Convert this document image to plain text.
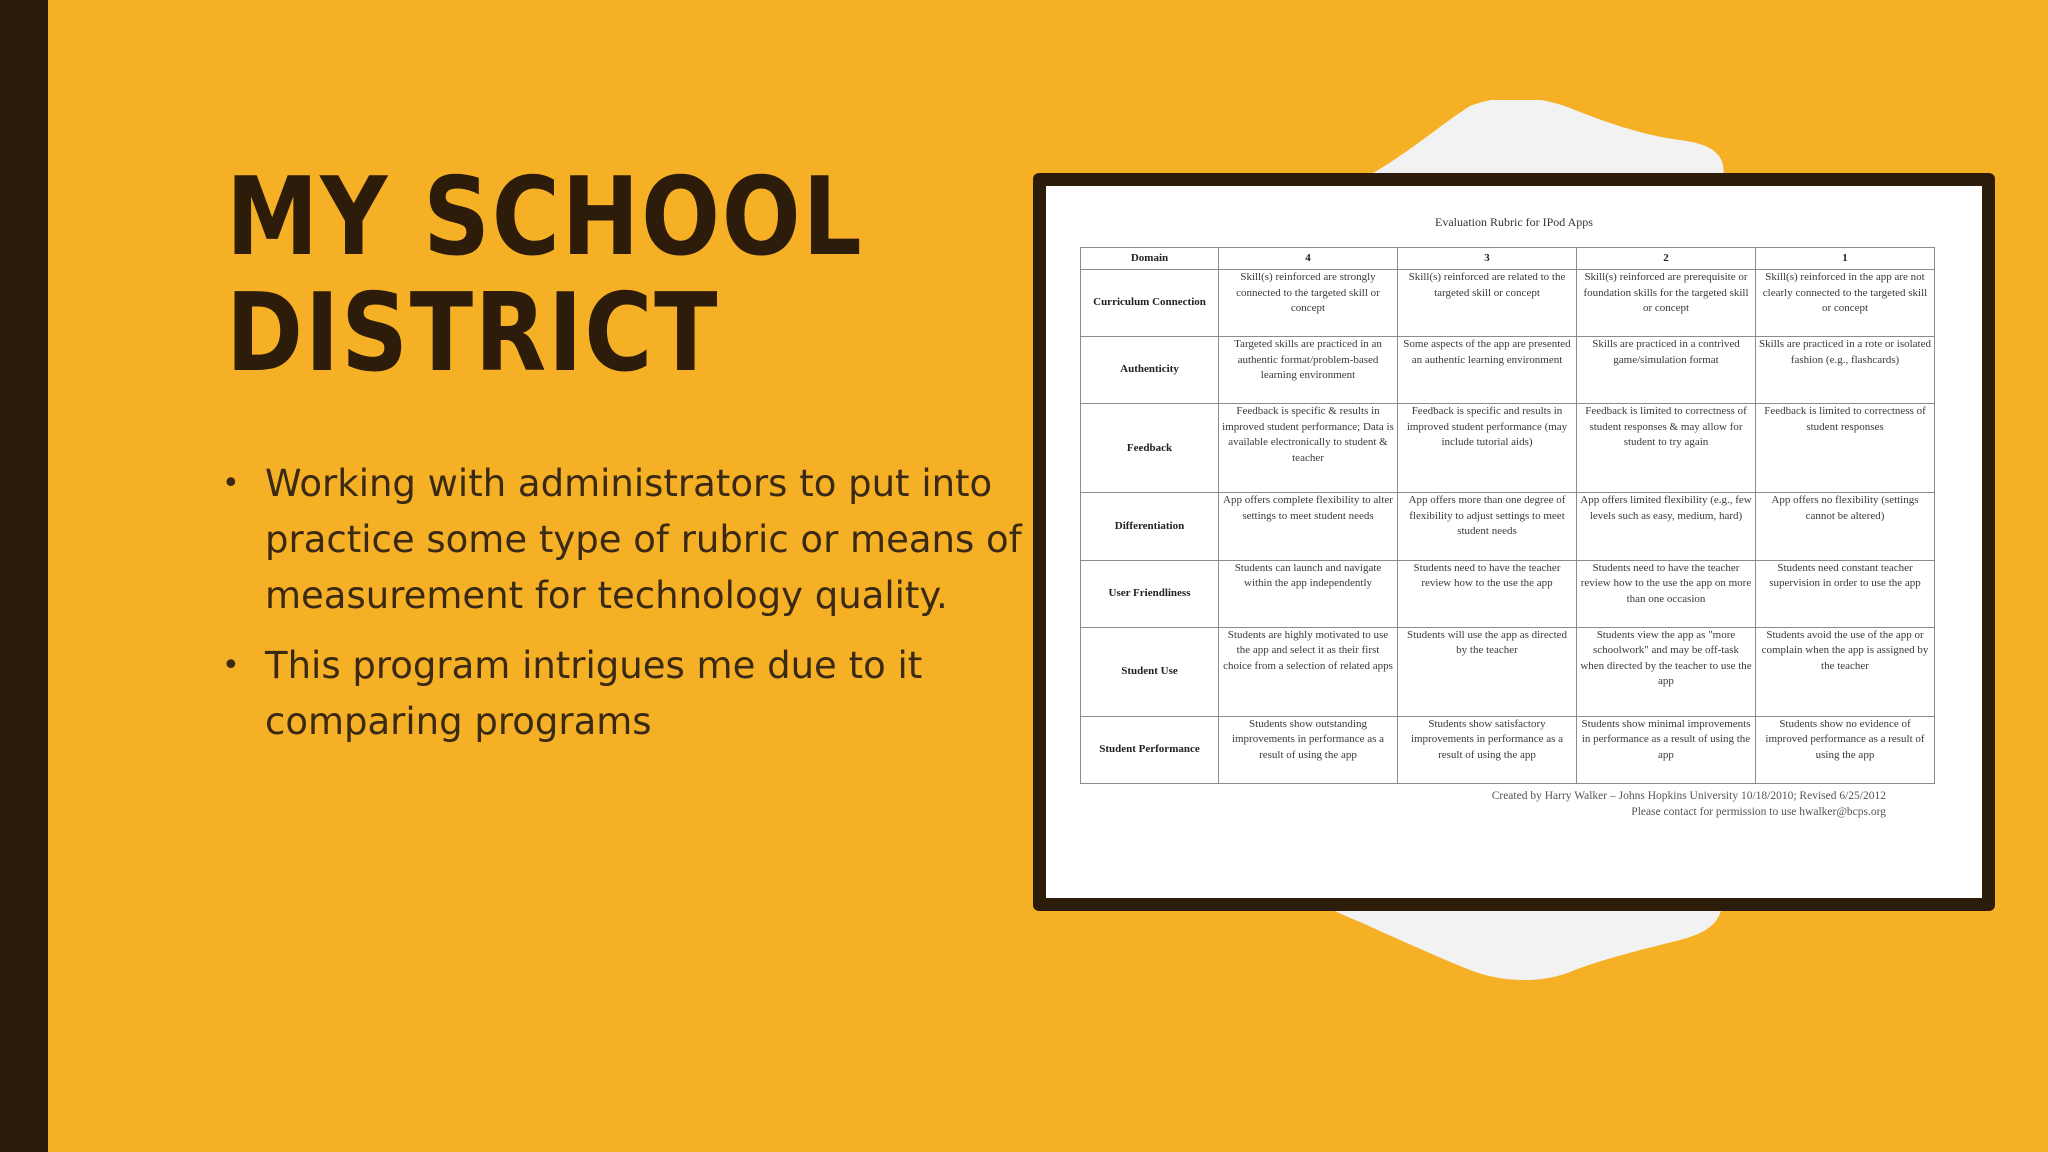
MY SCHOOL
DISTRICT
• Working with administrators to put into practice some type of rubric or means of measurement for technology quality.
• This program intrigues me due to it comparing programs
Evaluation Rubric for IPod Apps
Domain	4	3	2	1
Curriculum Connection	Skill(s) reinforced are strongly connected to the targeted skill or concept	Skill(s) reinforced are related to the targeted skill or concept	Skill(s) reinforced are prerequisite or foundation skills for the targeted skill or concept	Skill(s) reinforced in the app are not clearly connected to the targeted skill or concept
Authenticity	Targeted skills are practiced in an authentic format/problem-based learning environment	Some aspects of the app are presented an authentic learning environment	Skills are practiced in a contrived game/simulation format	Skills are practiced in a rote or isolated fashion (e.g., flashcards)
Feedback	Feedback is specific & results in improved student performance; Data is available electronically to student & teacher	Feedback is specific and results in improved student performance (may include tutorial aids)	Feedback is limited to correctness of student responses & may allow for student to try again	Feedback is limited to correctness of student responses
Differentiation	App offers complete flexibility to alter settings to meet student needs	App offers more than one degree of flexibility to adjust settings to meet student needs	App offers limited flexibility (e.g., few levels such as easy, medium, hard)	App offers no flexibility (settings cannot be altered)
User Friendliness	Students can launch and navigate within the app independently	Students need to have the teacher review how to the use the app	Students need to have the teacher review how to the use the app on more than one occasion	Students need constant teacher supervision in order to use the app
Student Use	Students are highly motivated to use the app and select it as their first choice from a selection of related apps	Students will use the app as directed by the teacher	Students view the app as "more schoolwork" and may be off-task when directed by the teacher to use the app	Students avoid the use of the app or complain when the app is assigned by the teacher
Student Performance	Students show outstanding improvements in performance as a result of using the app	Students show satisfactory improvements in performance as a result of using the app	Students show minimal improvements in performance as a result of using the app	Students show no evidence of improved performance as a result of using the app
Created by Harry Walker – Johns Hopkins University 10/18/2010; Revised 6/25/2012
Please contact for permission to use hwalker@bcps.org
